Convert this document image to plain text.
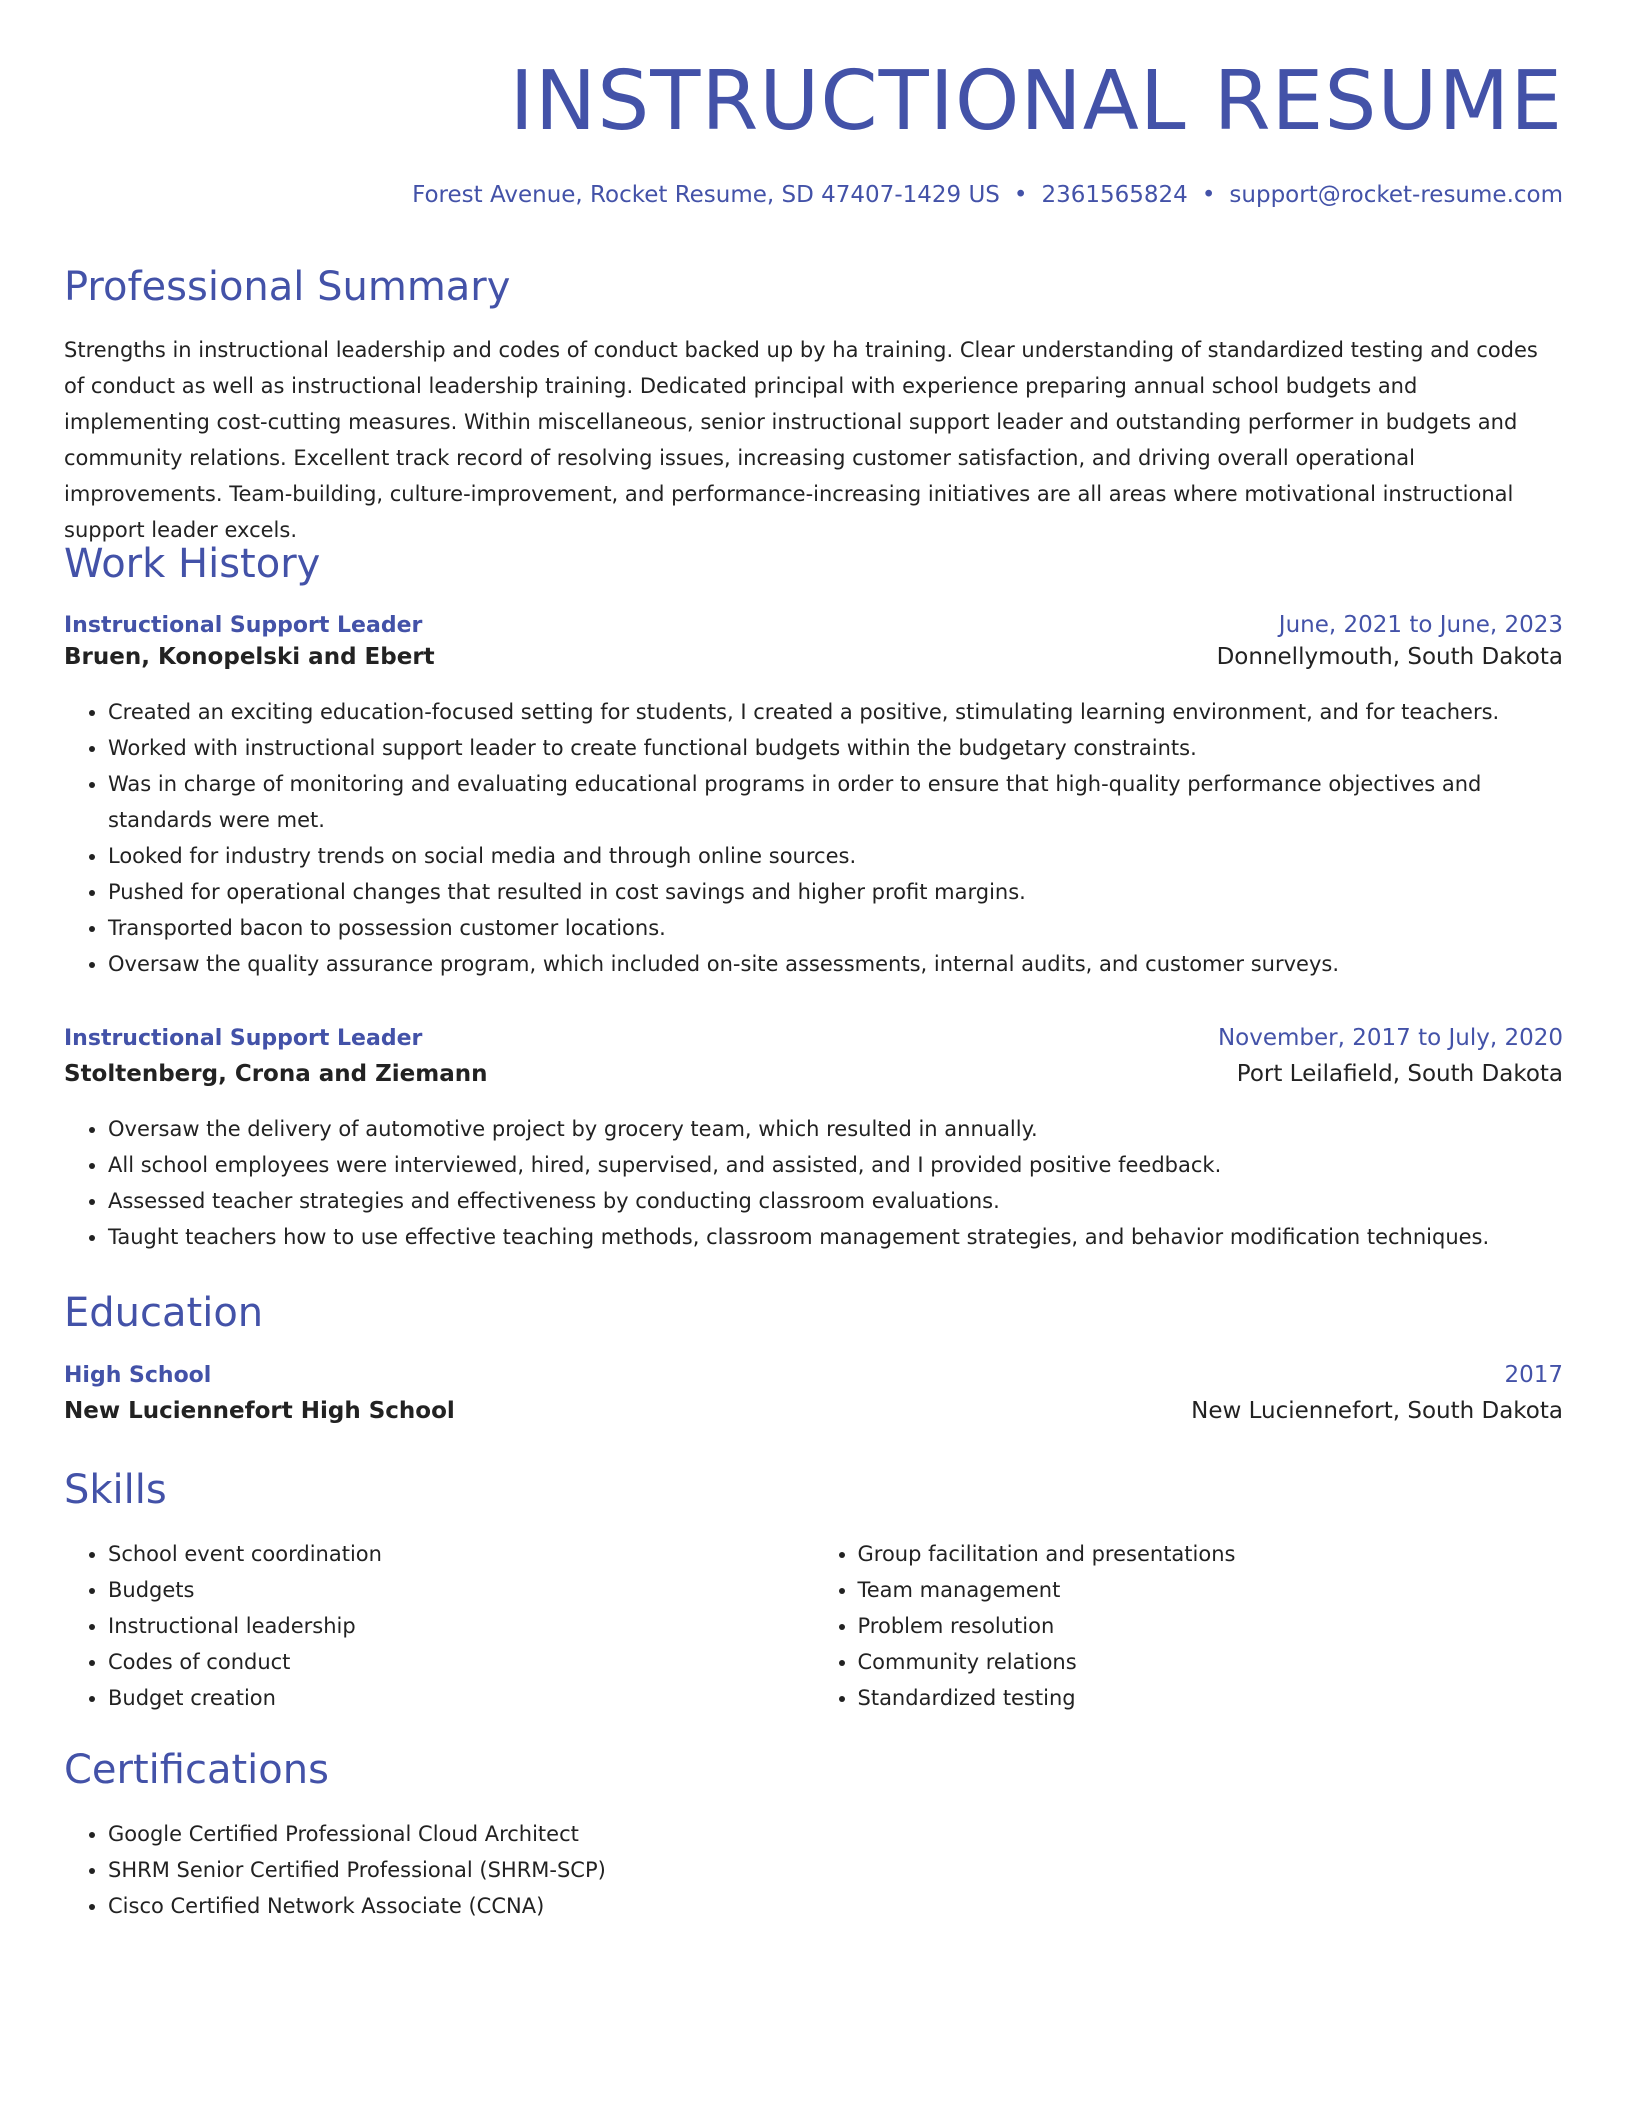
INSTRUCTIONAL RESUME
Forest Avenue, Rocket Resume, SD 47407-1429 US • 2361565824 • support@rocket-resume.com
Professional Summary

Strengths in instructional leadership and codes of conduct backed up by ha training. Clear understanding of standardized testing and codes of conduct as well as instructional leadership training. Dedicated principal with experience preparing annual school budgets and implementing cost-cutting measures. Within miscellaneous, senior instructional support leader and outstanding performer in budgets and community relations. Excellent track record of resolving issues, increasing customer satisfaction, and driving overall operational improvements. Team-building, culture-improvement, and performance-increasing initiatives are all areas where motivational instructional support leader excels.

Work History
Instructional Support Leader	June, 2021 to June, 2023
Bruen, Konopelski and Ebert	Donnellymouth, South Dakota
• Created an exciting education-focused setting for students, I created a positive, stimulating learning environment, and for teachers.
• Worked with instructional support leader to create functional budgets within the budgetary constraints.
• Was in charge of monitoring and evaluating educational programs in order to ensure that high-quality performance objectives and standards were met.
• Looked for industry trends on social media and through online sources.
• Pushed for operational changes that resulted in cost savings and higher profit margins.
• Transported bacon to possession customer locations.
• Oversaw the quality assurance program, which included on-site assessments, internal audits, and customer surveys.
Instructional Support Leader	November, 2017 to July, 2020
Stoltenberg, Crona and Ziemann	Port Leilafield, South Dakota
• Oversaw the delivery of automotive project by grocery team, which resulted in annually.
• All school employees were interviewed, hired, supervised, and assisted, and I provided positive feedback.
• Assessed teacher strategies and effectiveness by conducting classroom evaluations.
• Taught teachers how to use effective teaching methods, classroom management strategies, and behavior modification techniques.
Education
High School	2017
New Luciennefort High School	New Luciennefort, South Dakota
Skills
• School event coordination
• Budgets
• Instructional leadership
• Codes of conduct
• Budget creation
• Group facilitation and presentations
• Team management
• Problem resolution
• Community relations
• Standardized testing
Certifications
• Google Certified Professional Cloud Architect
• SHRM Senior Certified Professional (SHRM-SCP)
• Cisco Certified Network Associate (CCNA)
